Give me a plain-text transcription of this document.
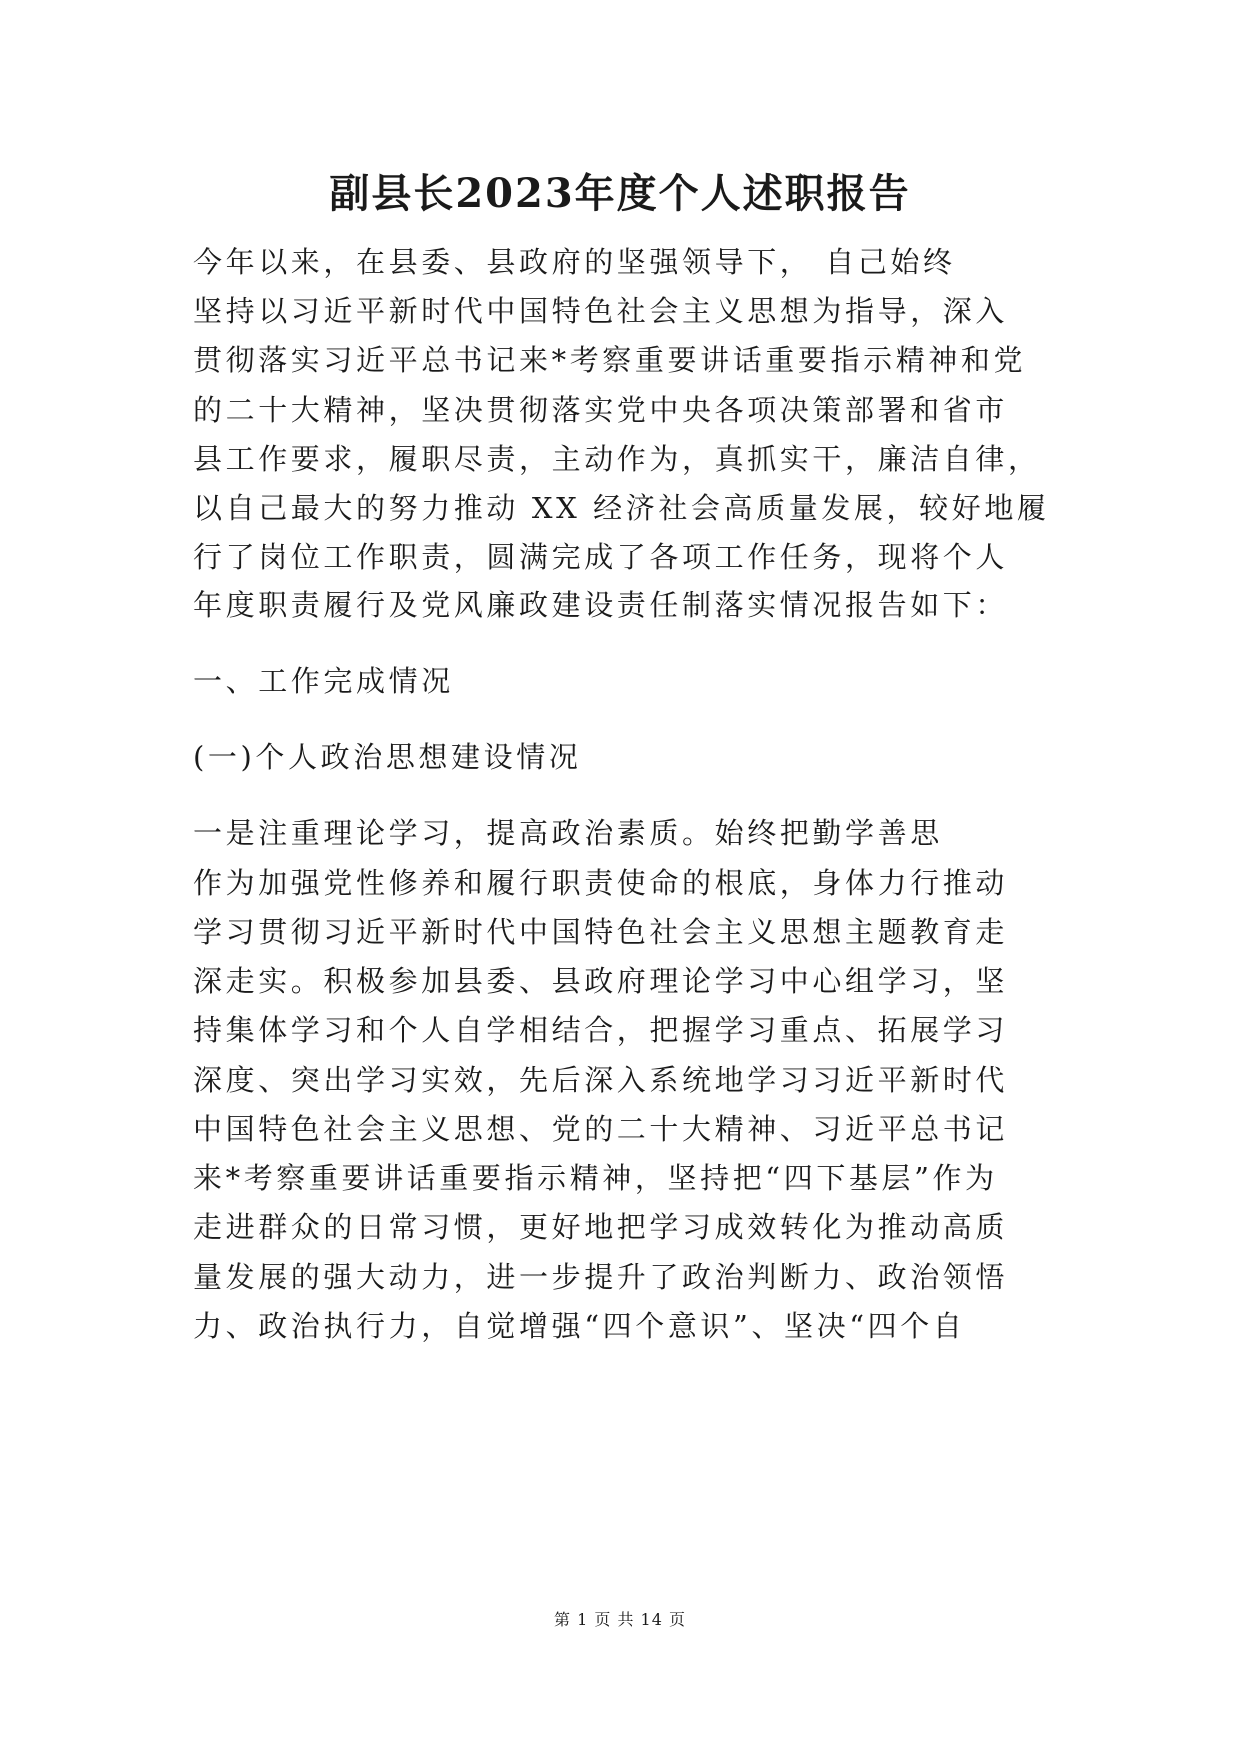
副县长2023年度个人述职报告

今年以来，在县委、县政府的坚强领导下， 自己始终

坚持以习近平新时代中国特色社会主义思想为指导，深入

贯彻落实习近平总书记来*考察重要讲话重要指示精神和党

的二十大精神，坚决贯彻落实党中央各项决策部署和省市

县工作要求，履职尽责，主动作为，真抓实干，廉洁自律，

以自己最大的努力推动 XX 经济社会高质量发展，较好地履

行了岗位工作职责，圆满完成了各项工作任务，现将个人

年度职责履行及党风廉政建设责任制落实情况报告如下：

一、工作完成情况

(一)个人政治思想建设情况

一是注重理论学习，提高政治素质。始终把勤学善思

作为加强党性修养和履行职责使命的根底，身体力行推动

学习贯彻习近平新时代中国特色社会主义思想主题教育走

深走实。积极参加县委、县政府理论学习中心组学习，坚

持集体学习和个人自学相结合，把握学习重点、拓展学习

深度、突出学习实效，先后深入系统地学习习近平新时代

中国特色社会主义思想、党的二十大精神、习近平总书记

来*考察重要讲话重要指示精神，坚持把“四下基层”作为

走进群众的日常习惯，更好地把学习成效转化为推动高质

量发展的强大动力，进一步提升了政治判断力、政治领悟

力、政治执行力，自觉增强“四个意识”、坚决“四个自

第 1 页 共 14 页
